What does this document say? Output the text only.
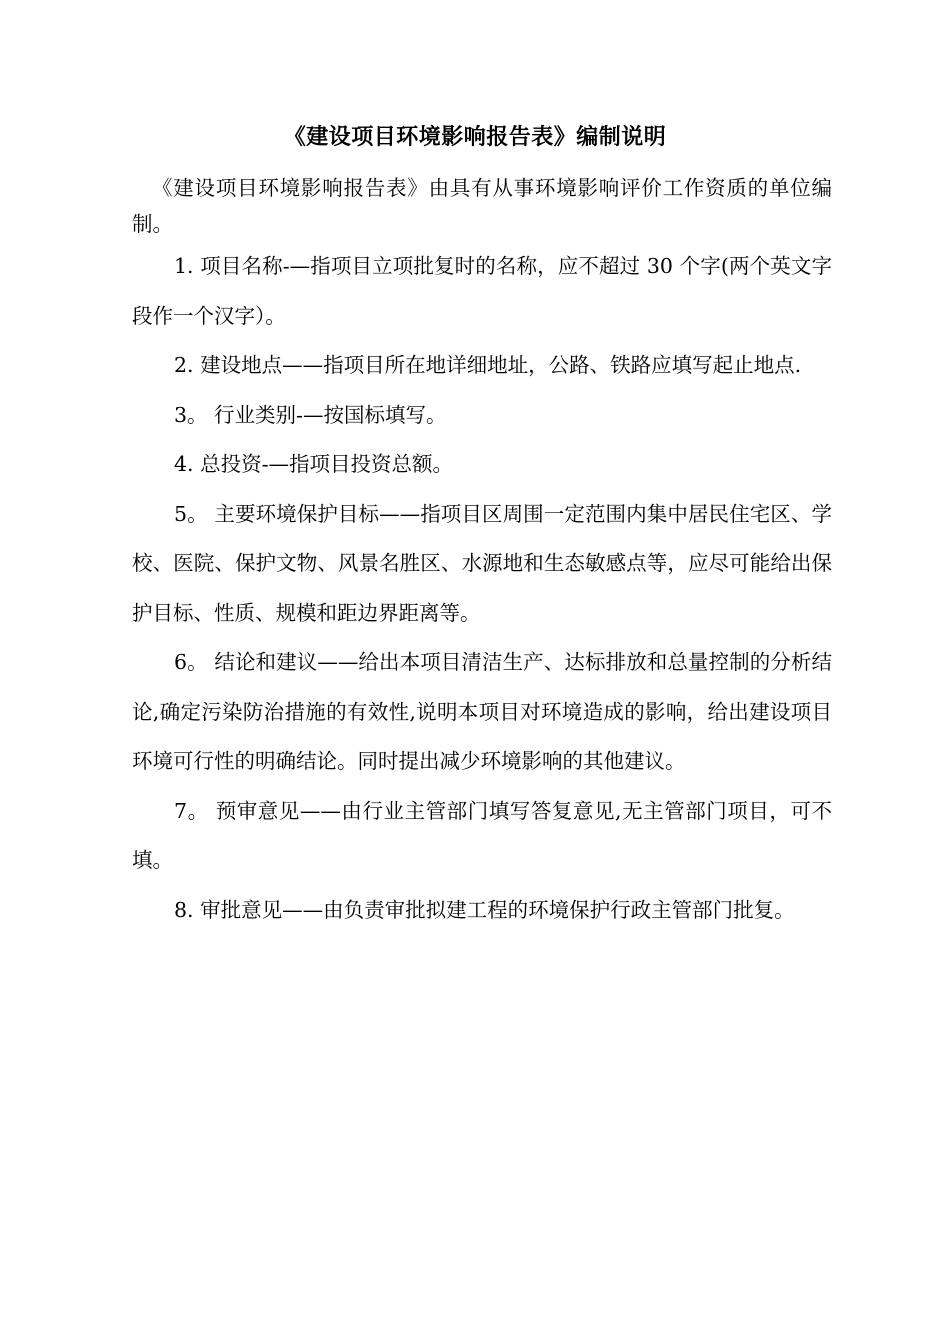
《建设项目环境影响报告表》编制说明

《建设项目环境影响报告表》由具有从事环境影响评价工作资质的单位编制。

1. 项目名称-—指项目立项批复时的名称，应不超过 30 个字(两个英文字段作一个汉字）。

2. 建设地点——指项目所在地详细地址，公路、铁路应填写起止地点.

3。 行业类别-—按国标填写。

4. 总投资-—指项目投资总额。

5。 主要环境保护目标——指项目区周围一定范围内集中居民住宅区、学校、医院、保护文物、风景名胜区、水源地和生态敏感点等，应尽可能给出保护目标、性质、规模和距边界距离等。

6。 结论和建议——给出本项目清洁生产、达标排放和总量控制的分析结论,确定污染防治措施的有效性,说明本项目对环境造成的影响，给出建设项目环境可行性的明确结论。同时提出减少环境影响的其他建议。

7。 预审意见——由行业主管部门填写答复意见,无主管部门项目，可不填。

8. 审批意见——由负责审批拟建工程的环境保护行政主管部门批复。
